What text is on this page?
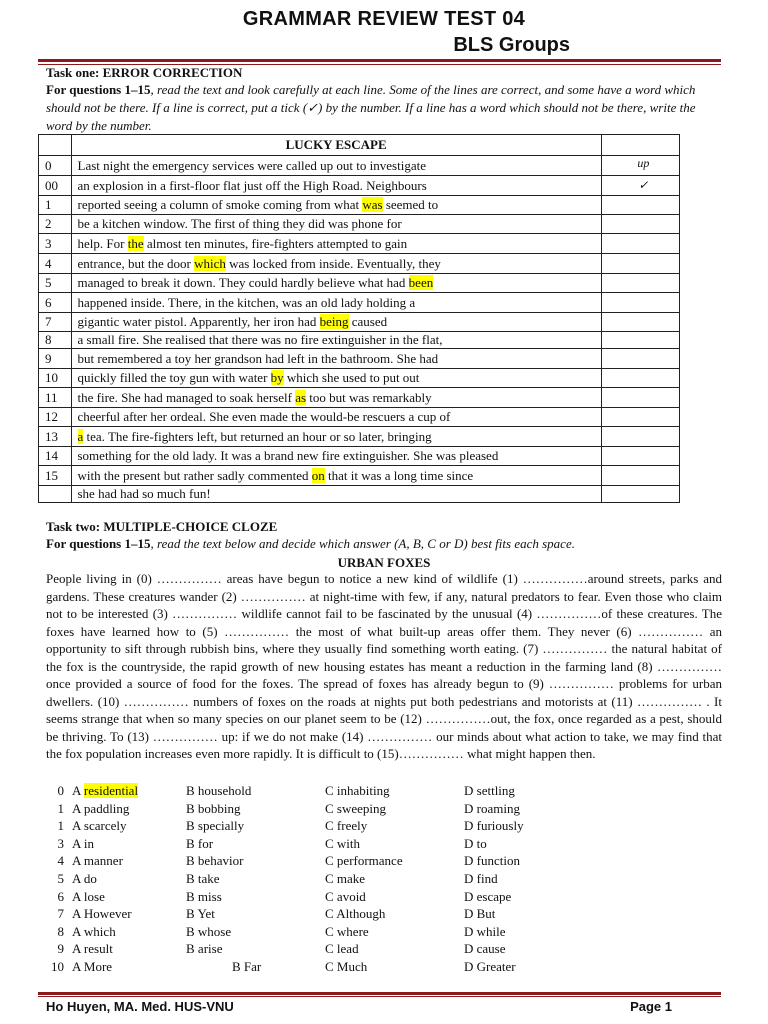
GRAMMAR REVIEW TEST 04
BLS Groups
Task one: ERROR CORRECTION
For questions 1–15, read the text and look carefully at each line. Some of the lines are correct, and some have a word which should not be there. If a line is correct, put a tick (✓) by the number. If a line has a word which should not be there, write the word by the number.
	LUCKY ESCAPE	
0	Last night the emergency services were called up out to investigate	up
00	an explosion in a first-floor flat just off the High Road. Neighbours	✓
1	reported seeing a column of smoke coming from what was seemed to	
2	be a kitchen window. The first of thing they did was phone for	
3	help. For the almost ten minutes, fire-fighters attempted to gain	
4	entrance, but the door which was locked from inside. Eventually, they	
5	managed to break it down. They could hardly believe what had been	
6	happened inside. There, in the kitchen, was an old lady holding a	
7	gigantic water pistol. Apparently, her iron had being caused	
8	a small fire. She realised that there was no fire extinguisher in the flat,	
9	but remembered a toy her grandson had left in the bathroom. She had	
10	quickly filled the toy gun with water by which she used to put out	
11	the fire. She had managed to soak herself as too but was remarkably	
12	cheerful after her ordeal. She even made the would-be rescuers a cup of	
13	a tea. The fire-fighters left, but returned an hour or so later, bringing	
14	something for the old lady. It was a brand new fire extinguisher. She was pleased	
15	with the present but rather sadly commented on that it was a long time since	
	she had had so much fun!	
Task two: MULTIPLE-CHOICE CLOZE
For questions 1–15, read the text below and decide which answer (A, B, C or D) best fits each space.
URBAN FOXES
People living in (0) …………… areas have begun to notice a new kind of wildlife (1) ……………around streets, parks and gardens. These creatures wander (2) …………… at night-time with few, if any, natural predators to fear. Even those who claim not to be interested (3) …………… wildlife cannot fail to be fascinated by the unusual (4) ……………of these creatures. The foxes have learned how to (5) …………… the most of what built-up areas offer them. They never (6) …………… an opportunity to sift through rubbish bins, where they usually find something worth eating. (7) …………… the natural habitat of the fox is the countryside, the rapid growth of new housing estates has meant a reduction in the farming land (8) …………… once provided a source of food for the foxes. The spread of foxes has already begun to (9) …………… problems for urban dwellers. (10) …………… numbers of foxes on the roads at nights put both pedestrians and motorists at (11) …………… . It seems strange that when so many species on our planet seem to be (12) ……………out, the fox, once regarded as a pest, should be thriving. To (13) …………… up: if we do not make (14) …………… our minds about what action to take, we may find that the fox population increases even more rapidly. It is difficult to (15)…………… what might happen then.
0 A residential	B household	C inhabiting	D settling
1 A paddling	B bobbing	C sweeping	D roaming
1 A scarcely	B specially	C freely	D furiously
3 A in	B for	C with	D to
4 A manner	B behavior	C performance	D function
5 A do	B take	C make	D find
6 A lose	B miss	C avoid	D escape
7 A However	B Yet	C Although	D But
8 A which	B whose	C where	D while
9 A result	B arise	C lead	D cause
10 A More	B Far	C Much	D Greater
Ho Huyen, MA. Med. HUS-VNU	Page 1
